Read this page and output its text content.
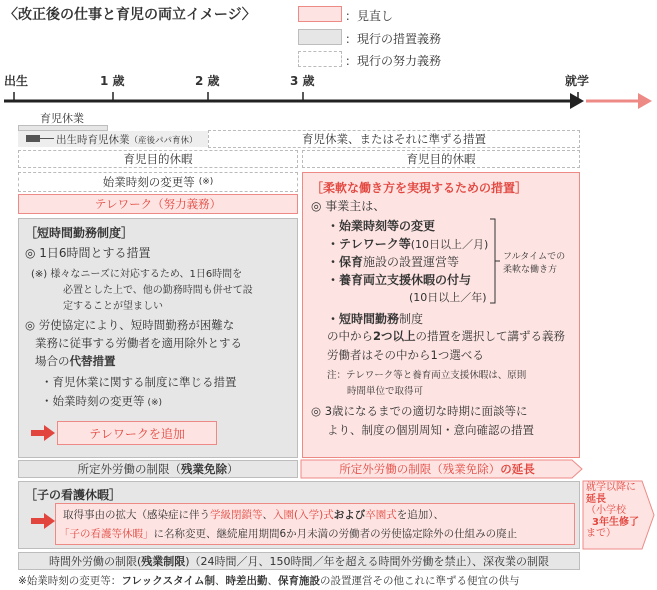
〈改正後の仕事と育児の両立イメージ〉	：見直し
：現行の措置義務
：現行の努力義務
出生	1 歳	2 歳	3 歳	就学
育児休業
出生時育児休業（産後パパ育休）	育児休業、またはそれに準ずる措置
育児目的休暇	育児目的休暇
始業時刻の変更等 (※)
テレワーク（努力義務）
［短時間勤務制度］
◎ 1日6時間とする措置
(※) 様々なニーズに対応するため、1日6時間を
必置とした上で、他の勤務時間も併せて設
定することが望ましい
◎ 労使協定により、短時間勤務が困難な
業務に従事する労働者を適用除外とする
場合の代替措置
・育児休業に関する制度に準じる措置
・始業時刻の変更等 (※)
テレワークを追加
［柔軟な働き方を実現するための措置］
◎ 事業主は、
・始業時刻等の変更
・テレワーク等(10日以上／月)
・保育施設の設置運営等
・養育両立支援休暇の付与
(10日以上／年)
フルタイムでの
柔軟な働き方
・短時間勤務制度
の中から2つ以上の措置を選択して講ずる義務
労働者はその中から1つ選べる
注：テレワーク等と養育両立支援休暇は、原則
時間単位で取得可
◎ 3歳になるまでの適切な時期に面談等に
より、制度の個別周知・意向確認の措置
所定外労働の制限（ 残業免除 ）	所定外労働の制限（残業免除） の延長
［子の看護休暇］
取得事由の拡大（感染症に伴う学級閉鎖等、入園(入学)式および卒園式を追加）、
「子の看護等休暇」に名称変更、継続雇用期間6か月未満の労働者の労使協定除外の仕組みの廃止
就学以降に
延長
（小学校
3年生修了
まで）
時間外労働の制限( 残業制限 )（24時間／月、150時間／年を超える時間外労働を禁止）、深夜業の制限
※始業時刻の変更等：フレックスタイム制、時差出勤、保育施設の設置運営その他これに準ずる便宜の供与
